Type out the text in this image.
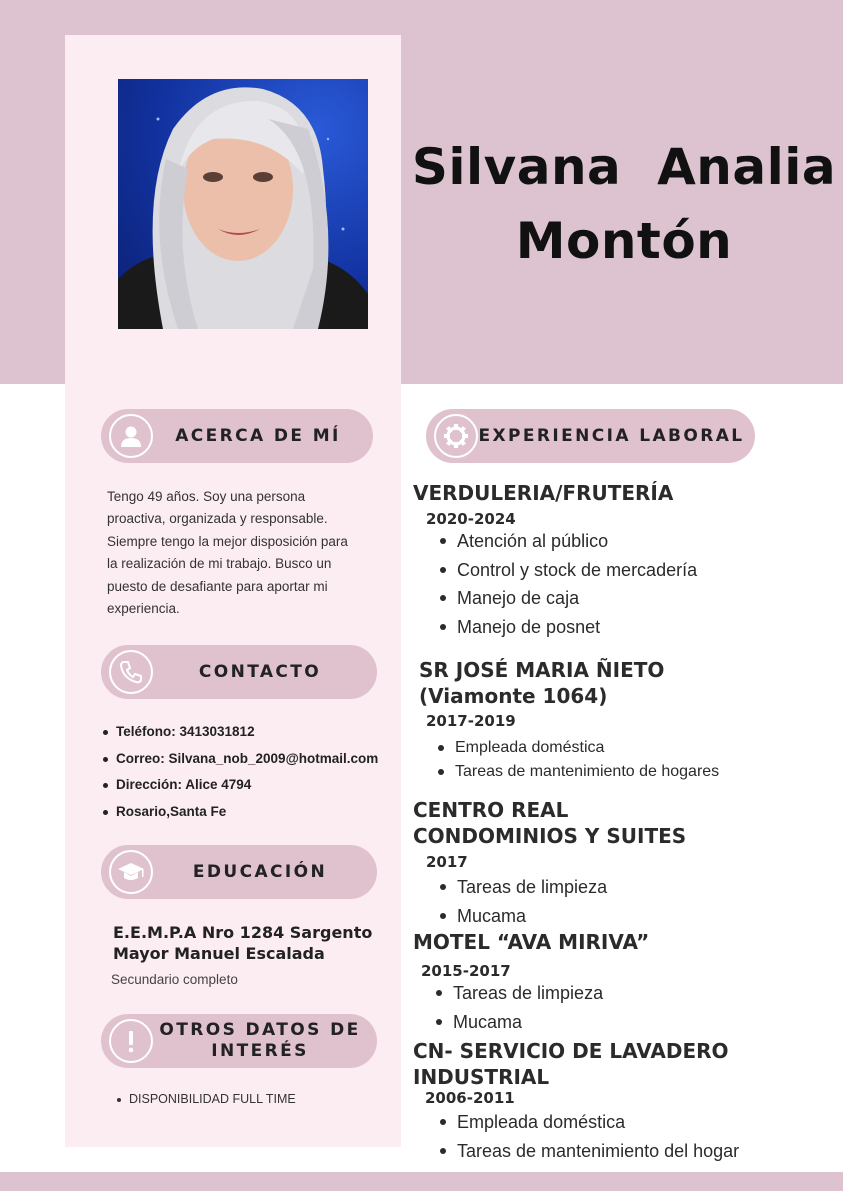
Silvana  Analia
Montón
ACERCA DE MÍ
Tengo 49 años. Soy una persona
proactiva, organizada y responsable.
Siempre tengo la mejor disposición para
la realización de mi trabajo. Busco un
puesto de desafiante para aportar mi
experiencia.
CONTACTO
Teléfono: 3413031812
Correo: Silvana_nob_2009@hotmail.com
Dirección: Alice 4794
Rosario,Santa Fe
EDUCACIÓN
E.E.M.P.A Nro 1284 Sargento
Mayor Manuel Escalada
Secundario completo
OTROS DATOS DE
INTERÉS
DISPONIBILIDAD FULL TIME
EXPERIENCIA LABORAL
VERDULERIA/FRUTERÍA
2020-2024
Atención al público
Control y stock de mercadería
Manejo de caja
Manejo de posnet
SR JOSÉ MARIA ÑIETO
(Viamonte 1064)
2017-2019
Empleada doméstica
Tareas de mantenimiento de hogares
CENTRO REAL
CONDOMINIOS Y SUITES
2017
Tareas de limpieza
Mucama
MOTEL “AVA MIRIVA”
2015-2017
Tareas de limpieza
Mucama
CN- SERVICIO DE LAVADERO
INDUSTRIAL
2006-2011
Empleada doméstica
Tareas de mantenimiento del hogar
